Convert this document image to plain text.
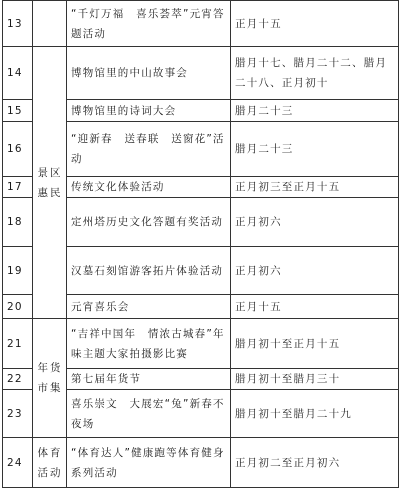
13		“千灯万福　喜乐荟萃”元宵答题活动	正月十五
14	景区惠民	博物馆里的中山故事会	腊月十七、腊月二十二、腊月二十八、正月初十
15		博物馆里的诗词大会	腊月二十三
16		“迎新春　送春联　送窗花”活动	腊月二十三
17		传统文化体验活动	正月初三至正月十五
18		定州塔历史文化答题有奖活动	正月初六
19		汉墓石刻馆游客拓片体验活动	正月初六
20		元宵喜乐会	正月十五
21	年货市集	“吉祥中国年　情浓古城春”年味主题大家拍摄影比赛	腊月初十至正月十五
22		第七届年货节	腊月初十至腊月三十
23		喜乐崇文　大展宏“兔”新春不夜场	腊月初十至腊月二十九
24	体育活动	“体育达人”健康跑等体育健身系列活动	正月初二至正月初六
